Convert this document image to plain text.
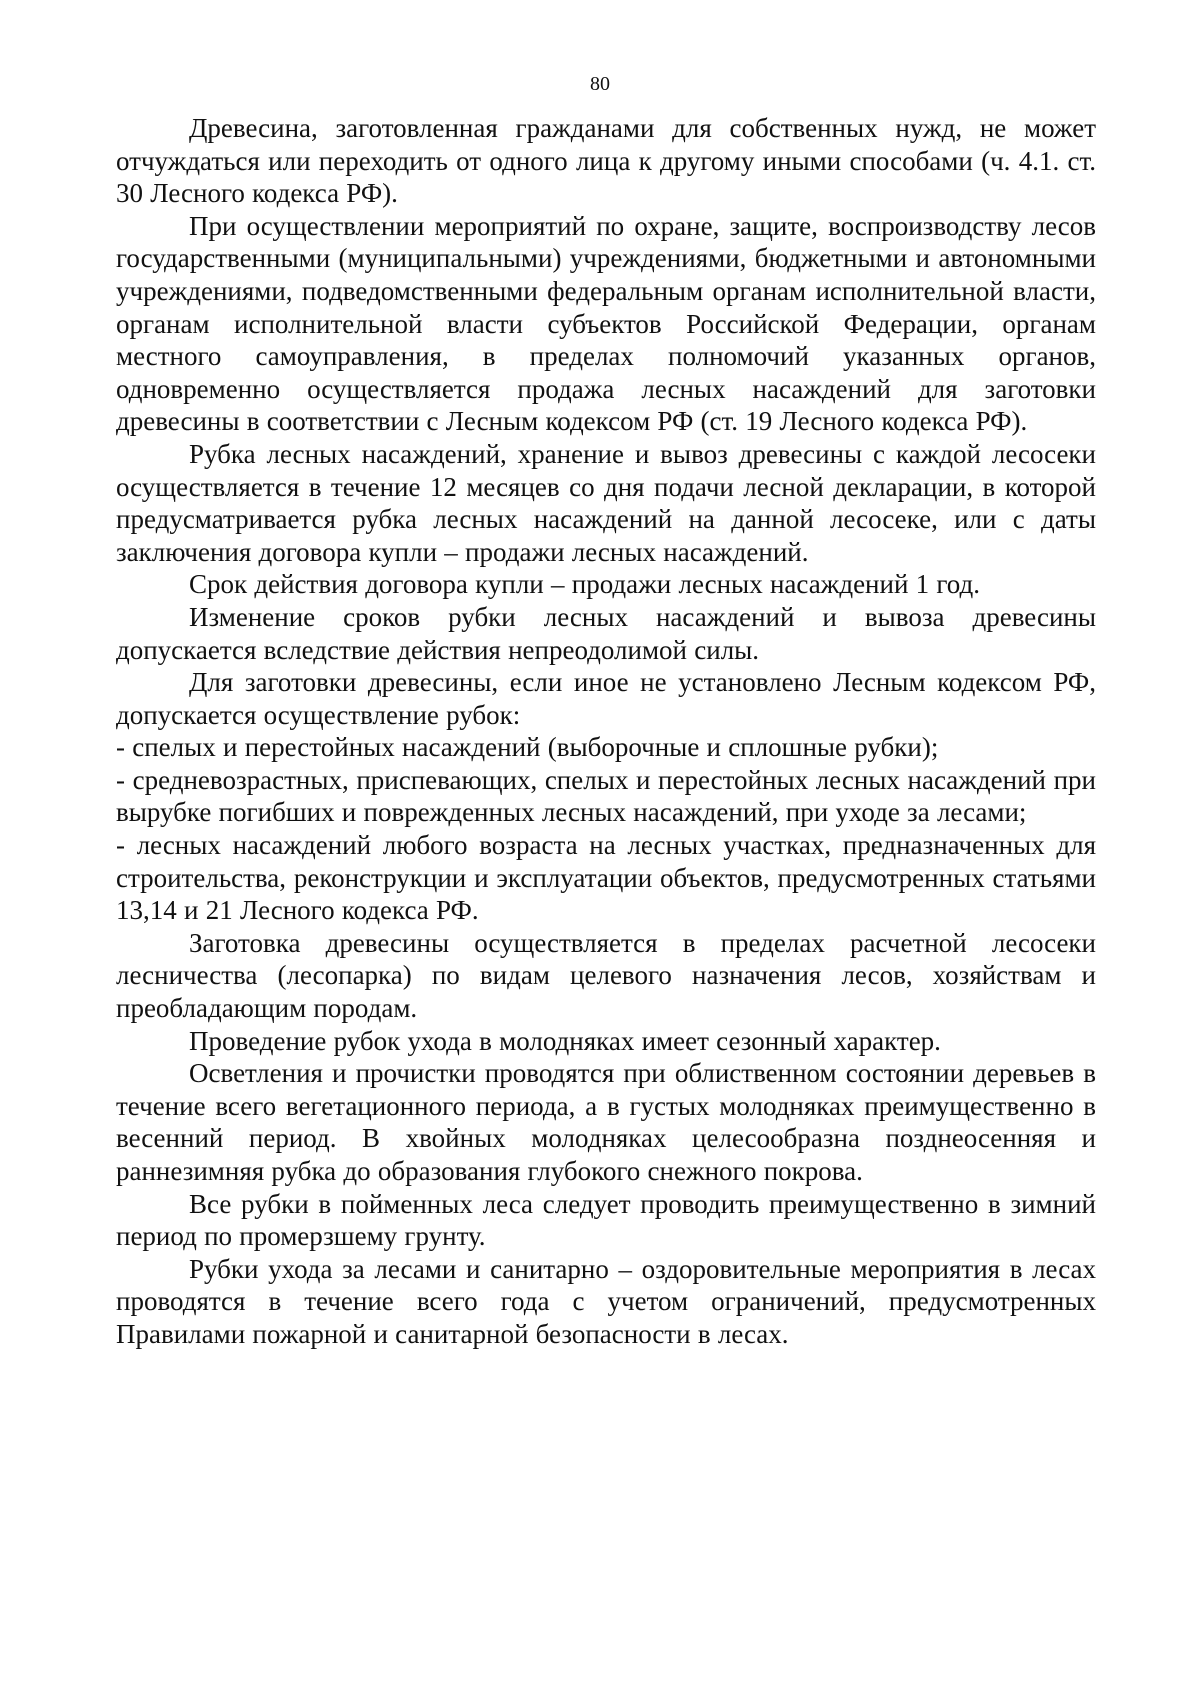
80

Древесина, заготовленная гражданами для собственных нужд, не может отчуждаться или переходить от одного лица к другому иными способами (ч. 4.1. ст. 30 Лесного кодекса РФ).

При осуществлении мероприятий по охране, защите, воспроизводству лесов государственными (муниципальными) учреждениями, бюджетными и автономными учреждениями, подведомственными федеральным органам исполнительной власти, органам исполнительной власти субъектов Российской Федерации, органам местного самоуправления, в пределах полномочий указанных органов, одновременно осуществляется продажа лесных насаждений для заготовки древесины в соответствии с Лесным кодексом РФ (ст. 19 Лесного кодекса РФ).

Рубка лесных насаждений, хранение и вывоз древесины с каждой лесосеки осуществляется в течение 12 месяцев со дня подачи лесной декларации, в которой предусматривается рубка лесных насаждений на данной лесосеке, или с даты заключения договора купли – продажи лесных насаждений.

Срок действия договора купли – продажи лесных насаждений 1 год.

Изменение сроков рубки лесных насаждений и вывоза древесины допускается вследствие действия непреодолимой силы.

Для заготовки древесины, если иное не установлено Лесным кодексом РФ, допускается осуществление рубок:

- спелых и перестойных насаждений (выборочные и сплошные рубки);

- средневозрастных, приспевающих, спелых и перестойных лесных насаждений при вырубке погибших и поврежденных лесных насаждений, при уходе за лесами;

- лесных насаждений любого возраста на лесных участках, предназначенных для строительства, реконструкции и эксплуатации объектов, предусмотренных статьями 13,14 и 21 Лесного кодекса РФ.

Заготовка древесины осуществляется в пределах расчетной лесосеки лесничества (лесопарка) по видам целевого назначения лесов, хозяйствам и преобладающим породам.

Проведение рубок ухода в молодняках имеет сезонный характер.

Осветления и прочистки проводятся при облиственном состоянии деревьев в течение всего вегетационного периода, а в густых молодняках преимущественно в весенний период. В хвойных молодняках целесообразна позднеосенняя и раннезимняя рубка до образования глубокого снежного покрова.

Все рубки в пойменных леса следует проводить преимущественно в зимний период по промерзшему грунту.

Рубки ухода за лесами и санитарно – оздоровительные мероприятия в лесах проводятся в течение всего года с учетом ограничений, предусмотренных Правилами пожарной и санитарной безопасности в лесах.
